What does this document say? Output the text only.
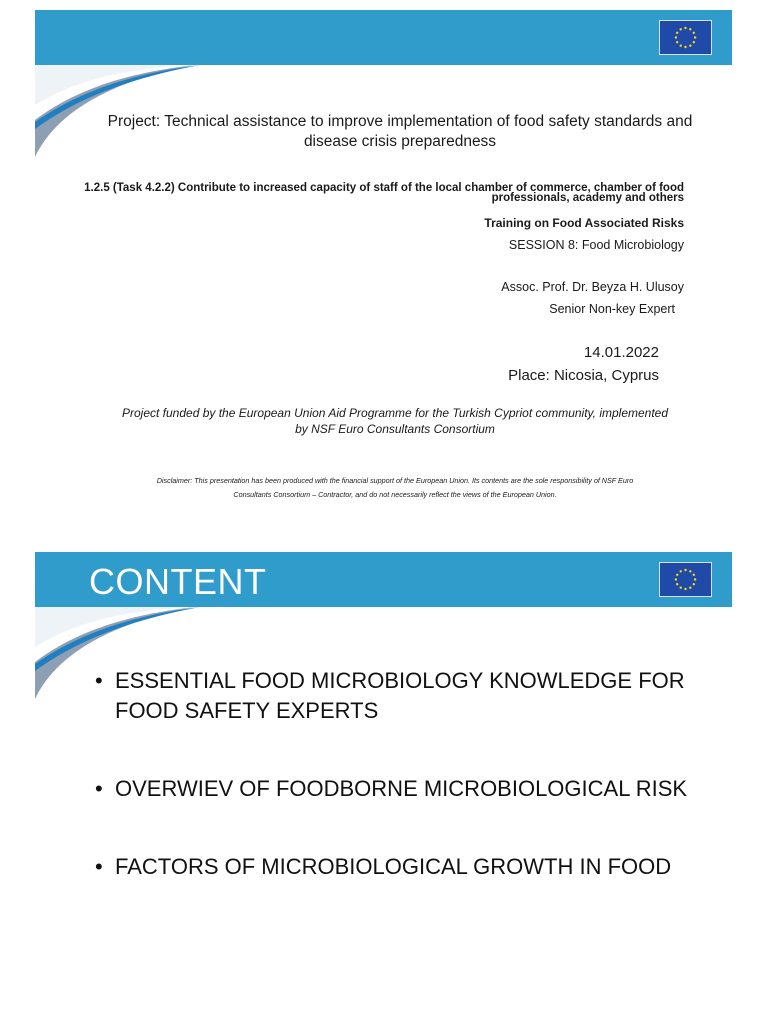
Project: Technical assistance to improve implementation of food safety standards and disease crisis preparedness
1.2.5 (Task 4.2.2) Contribute to increased capacity of staff of the local chamber of commerce, chamber of food professionals, academy and others
Training on Food Associated Risks
SESSION 8: Food Microbiology
Assoc. Prof. Dr. Beyza H. Ulusoy
Senior Non-key Expert
14.01.2022
Place: Nicosia, Cyprus
Project funded by the European Union Aid Programme for the Turkish Cypriot community, implemented by NSF Euro Consultants Consortium
Disclaimer: This presentation has been produced with the financial support of the European Union. Its contents are the sole responsibility of NSF Euro Consultants Consortium – Contractor, and do not necessarily reflect the views of the European Union.
CONTENT
• ESSENTIAL FOOD MICROBIOLOGY KNOWLEDGE FOR FOOD SAFETY EXPERTS
• OVERWIEV OF FOODBORNE MICROBIOLOGICAL RISK
• FACTORS OF MICROBIOLOGICAL GROWTH IN FOOD
